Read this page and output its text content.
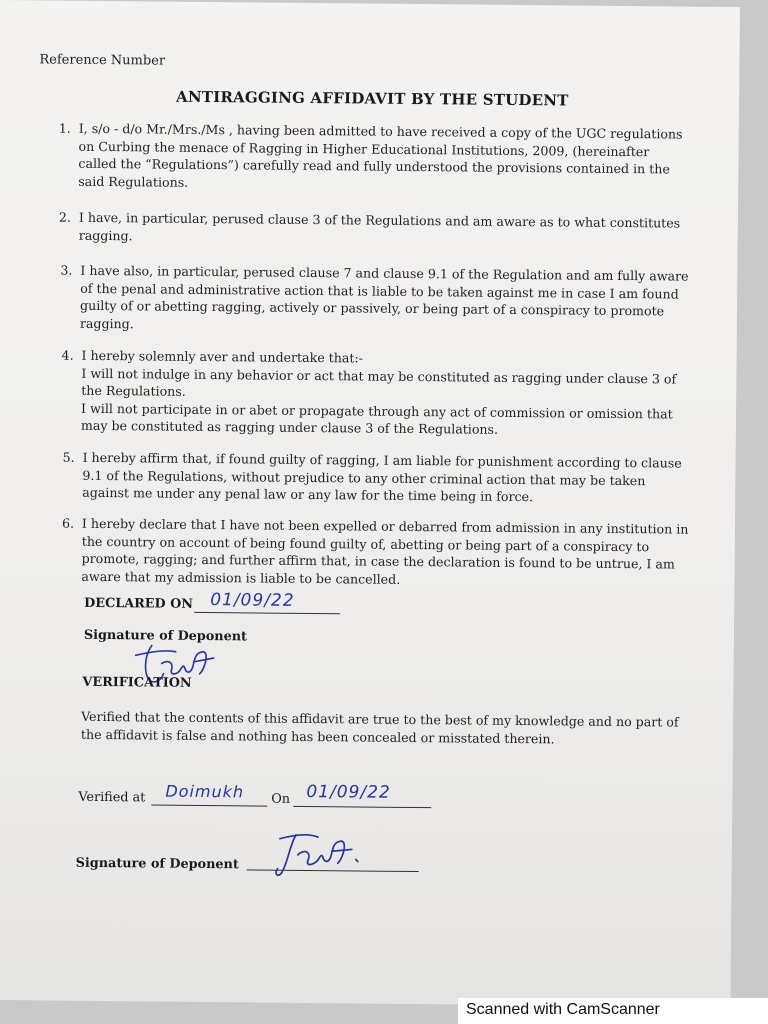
Reference Number
ANTIRAGGING AFFIDAVIT BY THE STUDENT
1. I, s/o - d/o Mr./Mrs./Ms , having been admitted to have received a copy of the UGC regulations
on Curbing the menace of Ragging in Higher Educational Institutions, 2009, (hereinafter
called the “Regulations”) carefully read and fully understood the provisions contained in the
said Regulations.
2. I have, in particular, perused clause 3 of the Regulations and am aware as to what constitutes
ragging.
3. I have also, in particular, perused clause 7 and clause 9.1 of the Regulation and am fully aware
of the penal and administrative action that is liable to be taken against me in case I am found
guilty of or abetting ragging, actively or passively, or being part of a conspiracy to promote
ragging.
4. I hereby solemnly aver and undertake that:-
I will not indulge in any behavior or act that may be constituted as ragging under clause 3 of
the Regulations.
I will not participate in or abet or propagate through any act of commission or omission that
may be constituted as ragging under clause 3 of the Regulations.
5. I hereby affirm that, if found guilty of ragging, I am liable for punishment according to clause
9.1 of the Regulations, without prejudice to any other criminal action that may be taken
against me under any penal law or any law for the time being in force.
6. I hereby declare that I have not been expelled or debarred from admission in any institution in
the country on account of being found guilty of, abetting or being part of a conspiracy to
promote, ragging; and further affirm that, in case the declaration is found to be untrue, I am
aware that my admission is liable to be cancelled.
DECLARED ON 01/09/22
Signature of Deponent
VERIFICATION
Verified that the contents of this affidavit are true to the best of my knowledge and no part of
the affidavit is false and nothing has been concealed or misstated therein.
Verified at Doimukh On 01/09/22
Signature of Deponent
Scanned with CamScanner
